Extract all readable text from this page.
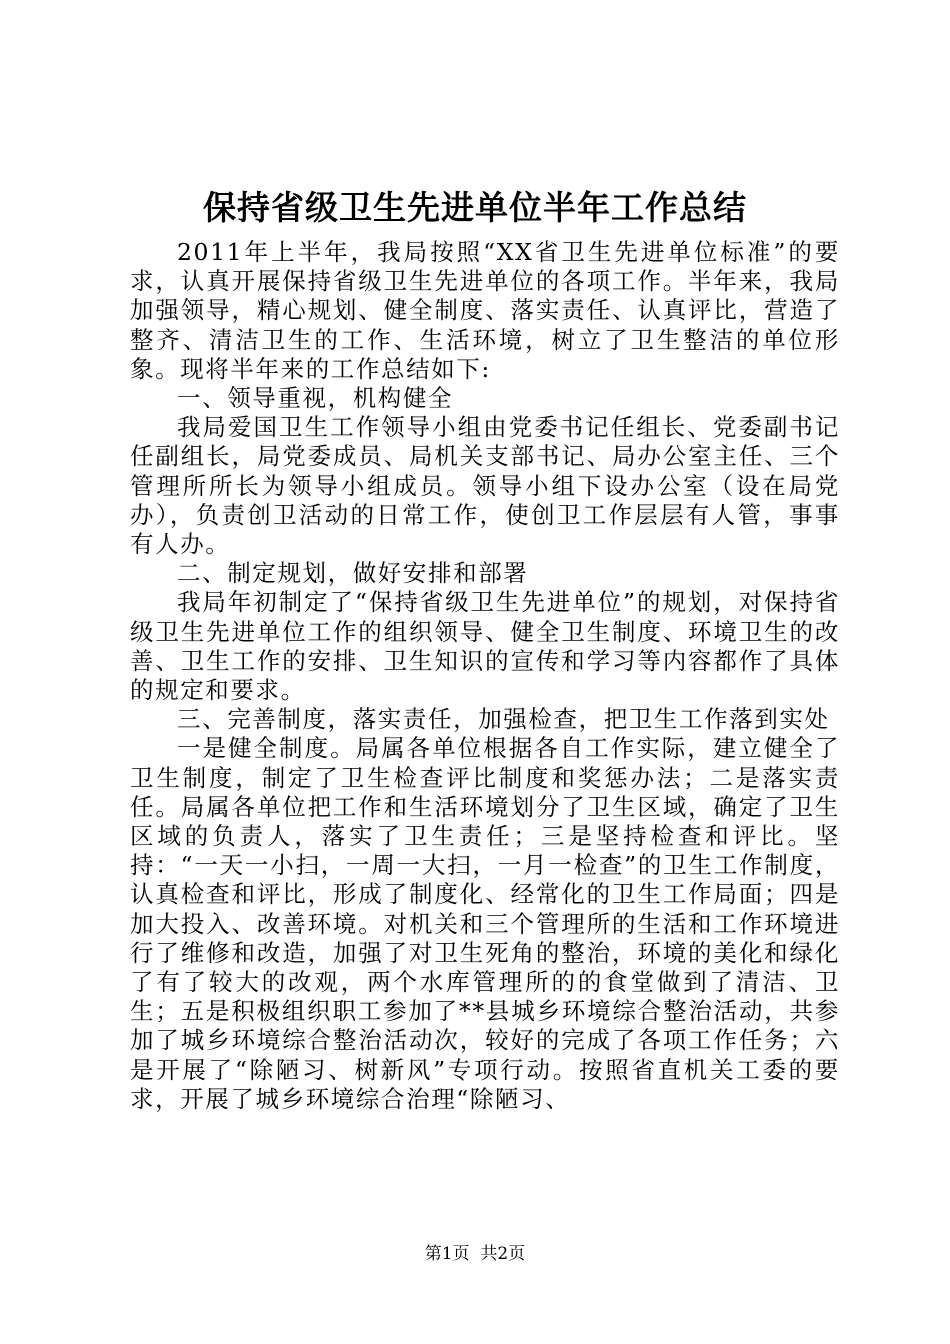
保持省级卫生先进单位半年工作总结

2011年上半年，我局按照“XX省卫生先进单位标准”的要求，认真开展保持省级卫生先进单位的各项工作。半年来，我局加强领导，精心规划、健全制度、落实责任、认真评比，营造了整齐、清洁卫生的工作、生活环境，树立了卫生整洁的单位形象。现将半年来的工作总结如下:

一、领导重视，机构健全

我局爱国卫生工作领导小组由党委书记任组长、党委副书记任副组长，局党委成员、局机关支部书记、局办公室主任、三个管理所所长为领导小组成员。领导小组下设办公室（设在局党办），负责创卫活动的日常工作，使创卫工作层层有人管，事事有人办。

二、制定规划，做好安排和部署

我局年初制定了“保持省级卫生先进单位”的规划，对保持省级卫生先进单位工作的组织领导、健全卫生制度、环境卫生的改善、卫生工作的安排、卫生知识的宣传和学习等内容都作了具体的规定和要求。

三、完善制度，落实责任，加强检查，把卫生工作落到实处

一是健全制度。局属各单位根据各自工作实际，建立健全了卫生制度，制定了卫生检查评比制度和奖惩办法；二是落实责任。局属各单位把工作和生活环境划分了卫生区域，确定了卫生区域的负责人，落实了卫生责任；三是坚持检查和评比。坚持：“一天一小扫，一周一大扫，一月一检查”的卫生工作制度，认真检查和评比，形成了制度化、经常化的卫生工作局面；四是加大投入、改善环境。对机关和三个管理所的生活和工作环境进行了维修和改造，加强了对卫生死角的整治，环境的美化和绿化了有了较大的改观，两个水库管理所的的食堂做到了清洁、卫生；五是积极组织职工参加了**县城乡环境综合整治活动，共参加了城乡环境综合整治活动次，较好的完成了各项工作任务；六是开展了“除陋习、树新风”专项行动。按照省直机关工委的要求，开展了城乡环境综合治理“除陋习、

第1页  共2页
